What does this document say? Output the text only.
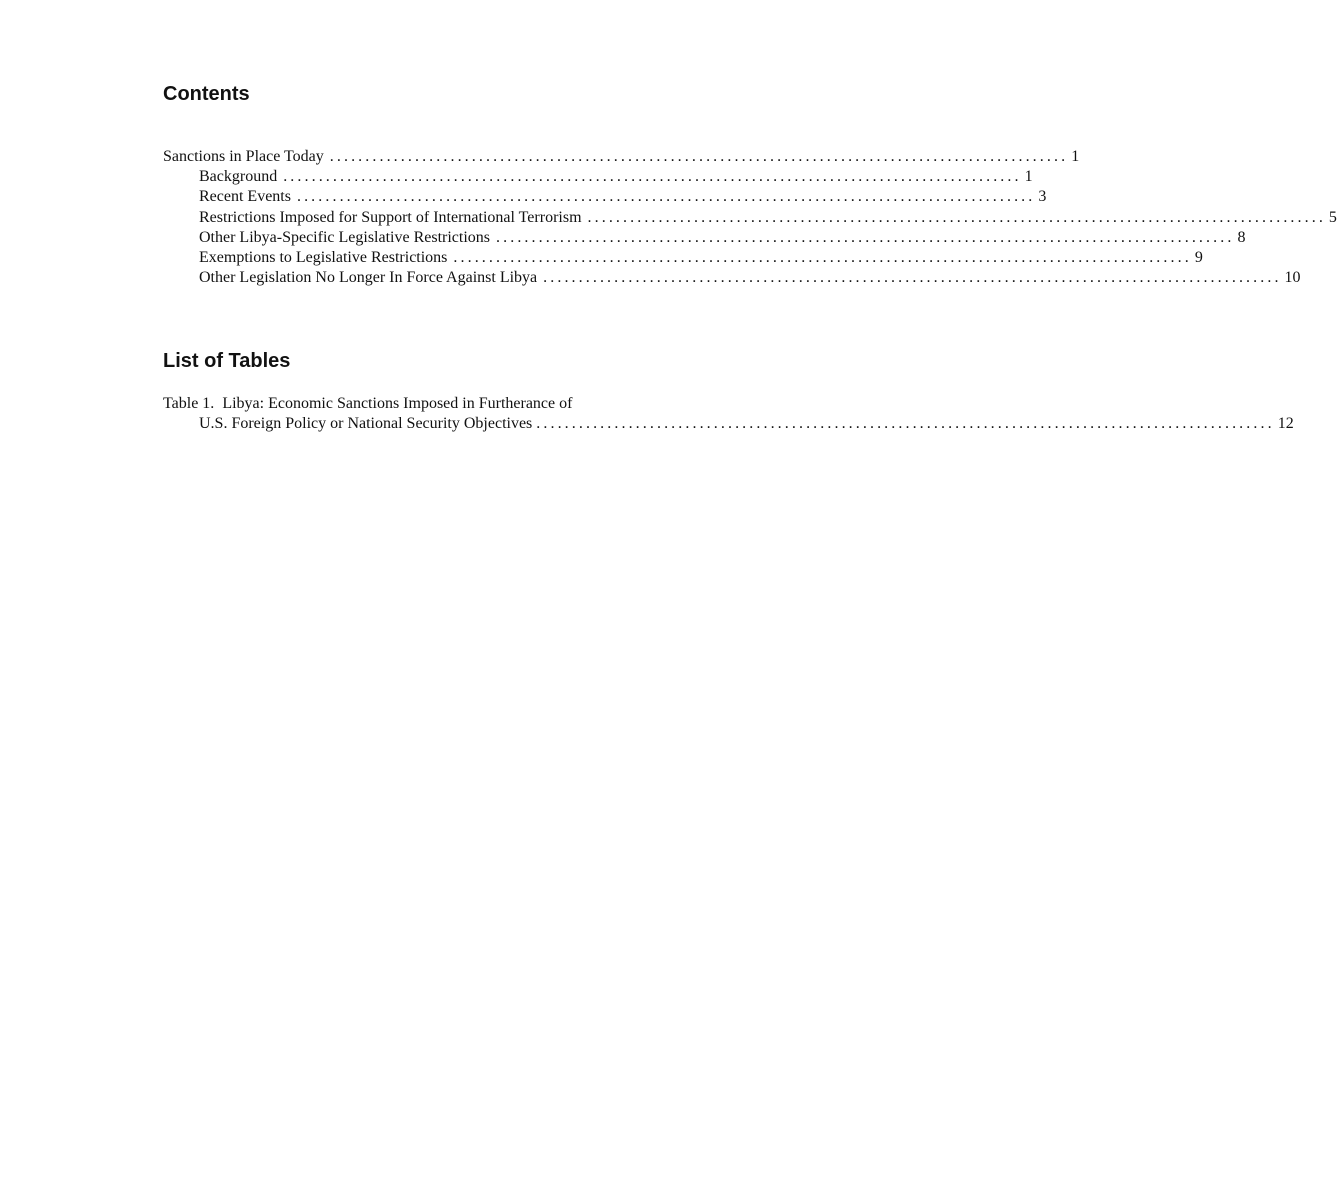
Contents
Sanctions in Place Today ........................................................................................................ 1
Background ........................................................................................................ 1
Recent Events ........................................................................................................ 3
Restrictions Imposed for Support of International Terrorism ........................................................................................................ 5
Other Libya-Specific Legislative Restrictions ........................................................................................................ 8
Exemptions to Legislative Restrictions ........................................................................................................ 9
Other Legislation No Longer In Force Against Libya ........................................................................................................ 10
List of Tables
Table 1. Libya: Economic Sanctions Imposed in Furtherance of
U.S. Foreign Policy or National Security Objectives ........................................................................................................ 12
